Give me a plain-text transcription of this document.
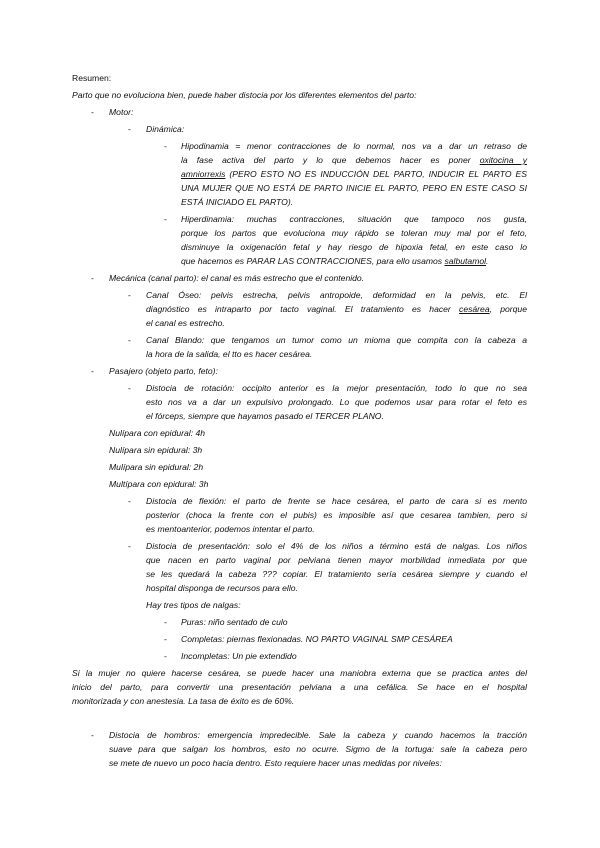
Resumen:
Parto que no evoluciona bien, puede haber distocia por los diferentes elementos del parto:
- Motor:
- Dinámica:
- Hipodinamia = menor contracciones de lo normal, nos va a dar un retraso de
la fase activa del parto y lo que debemos hacer es poner oxitocina y
amniorrexis (PERO ESTO NO ES INDUCCIÓN DEL PARTO, INDUCIR EL PARTO ES
UNA MUJER QUE NO ESTÁ DE PARTO INICIE EL PARTO, PERO EN ESTE CASO SI
ESTÁ INICIADO EL PARTO).
- Hiperdinamia: muchas contracciones, situación que tampoco nos gusta,
porque los partos que evoluciona muy rápido se toleran muy mal por el feto,
disminuye la oxigenación fetal y hay riesgo de hipoxia fetal, en este caso lo
que hacemos es PARAR LAS CONTRACCIONES, para ello usamos salbutamol.
- Mecánica (canal parto): el canal es más estrecho que el contenido.
- Canal Óseo: pelvis estrecha, pelvis antropoide, deformidad en la pelvis, etc. El
diagnóstico es intraparto por tacto vaginal. El tratamiento es hacer cesárea, porque
el canal es estrecho.
- Canal Blando: que tengamos un tumor como un mioma que compita con la cabeza a
la hora de la salida, el tto es hacer cesárea.
- Pasajero (objeto parto, feto):
- Distocia de rotación: occipito anterior es la mejor presentación, todo lo que no sea
esto nos va a dar un expulsivo prolongado. Lo que podemos usar para rotar el feto es
el fórceps, siempre que hayamos pasado el TERCER PLANO.
Nulípara con epidural: 4h
Nulípara sin epidural: 3h
Mulípara sin epidural: 2h
Multípara con epidural: 3h
- Distocia de flexión: el parto de frente se hace cesárea, el parto de cara si es mento
posterior (choca la frente con el pubis) es imposible así que cesarea tambien, pero si
es mentoanterior, podemos intentar el parto.
- Distocia de presentación: solo el 4% de los niños a término está de nalgas. Los niños
que nacen en parto vaginal por pelviana tienen mayor morbilidad inmediata por que
se les quedará la cabeza ??? copiar. El tratamiento sería cesárea siempre y cuando el
hospital disponga de recursos para ello.
Hay tres tipos de nalgas:
- Puras: niño sentado de culo
- Completas: piernas flexionadas. NO PARTO VAGINAL SMP CESÁREA
- Incompletas: Un pie extendido
Si la mujer no quiere hacerse cesárea, se puede hacer una maniobra externa que se practica antes del
inicio del parto, para convertir una presentación pelviana a una cefálica. Se hace en el hospital
monitorizada y con anestesia. La tasa de éxito es de 60%.
- Distocia de hombros: emergencia impredecible. Sale la cabeza y cuando hacemos la tracción
suave para que salgan los hombros, esto no ocurre. Sigmo de la tortuga: sale la cabeza pero
se mete de nuevo un poco hacia dentro. Esto requiere hacer unas medidas por niveles:
